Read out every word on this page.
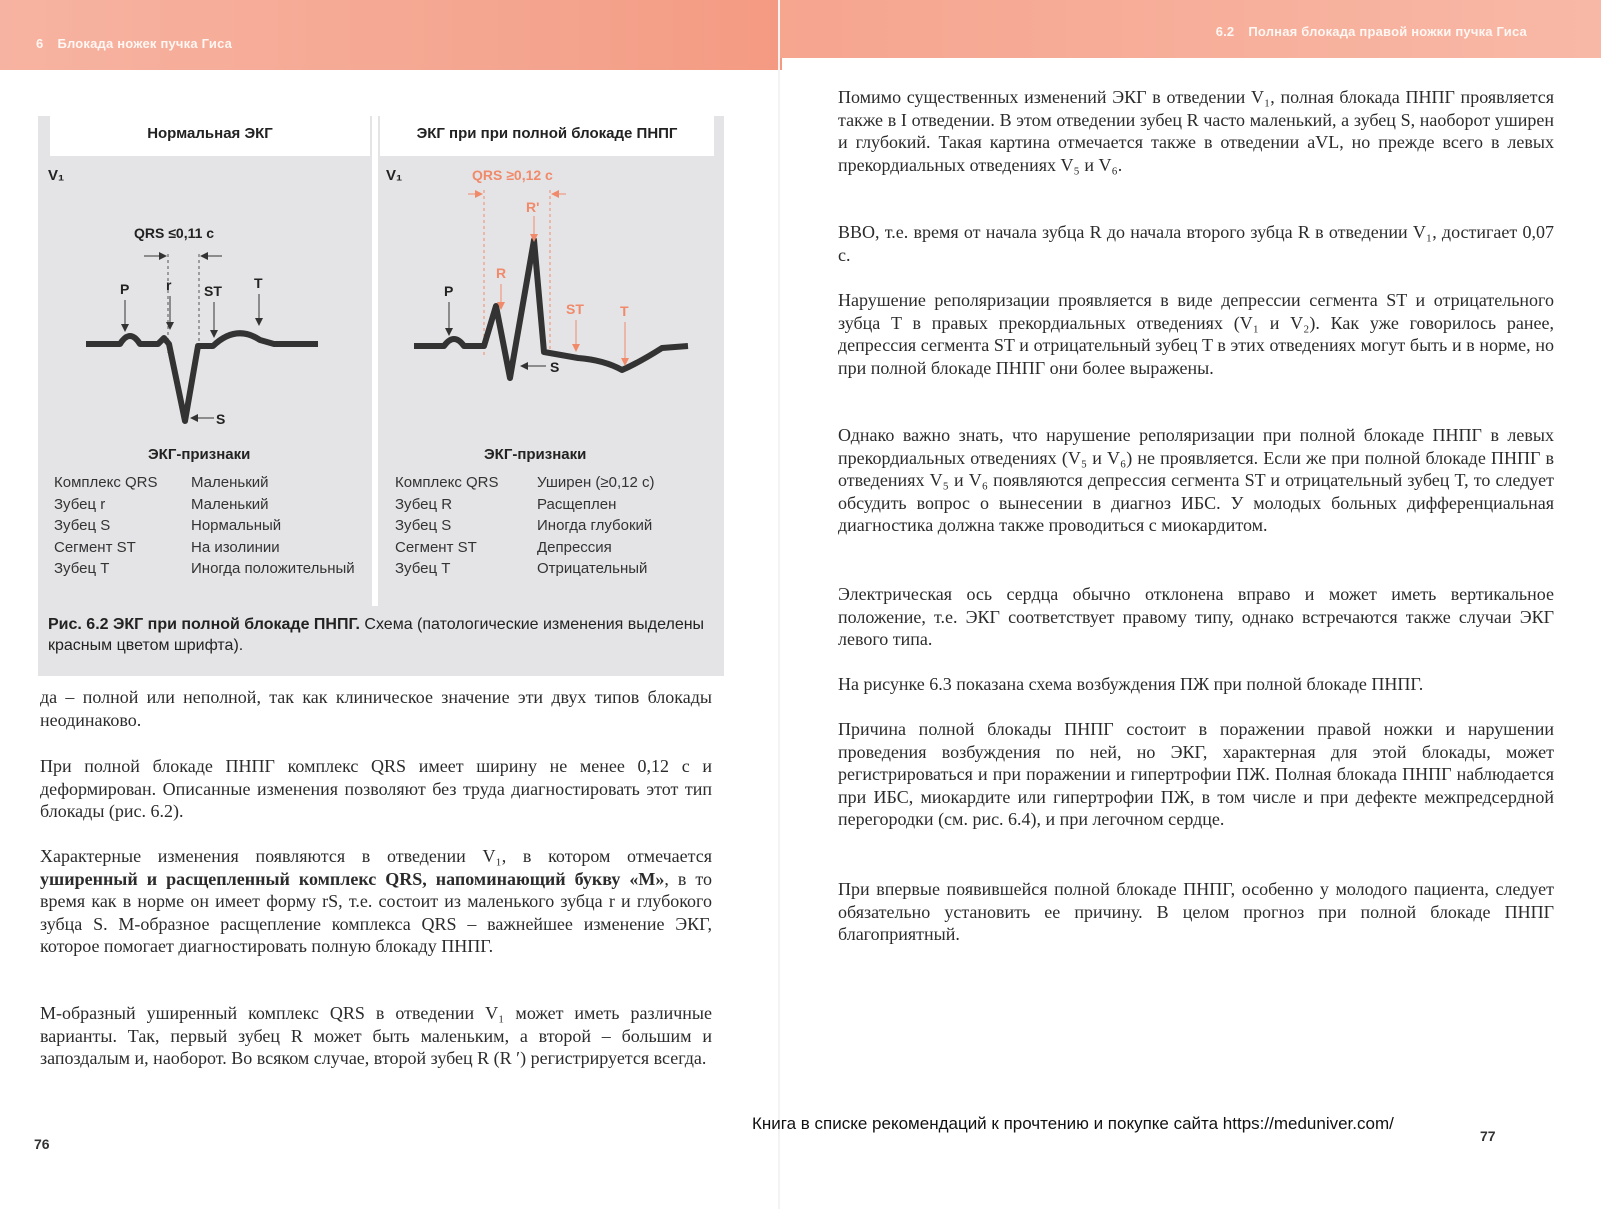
6 Блокада ножек пучка Гиса
Нормальная ЭКГ	ЭКГ при при полной блокаде ПНПГ
V₁
QRS ≤0,11 с
P	r ST T
S
V₁	QRS ≥0,12 с
P
R
R'
ST	T
S
ЭКГ-признаки	ЭКГ-признаки
Комплекс QRS Маленький
Зубец r	Маленький
Зубец S	Нормальный
Сегмент ST	На изолинии
Зубец T	Иногда положительный
Комплекс QRS	Уширен (≥0,12 с)
Зубец R	Расщеплен
Зубец S	Иногда глубокий
Сегмент ST	Депрессия
Зубец T	Отрицательный
Рис. 6.2 ЭКГ при полной блокаде ПНПГ. Схема (патологические изменения выделены красным цветом шрифта).

да – полной или неполной, так как клиническое значение эти двух типов блокады неодинаково.

При полной блокаде ПНПГ комплекс QRS имеет ширину не менее 0,12 с и деформирован. Описанные изменения позволяют без труда диагностировать этот тип блокады (рис. 6.2).

Характерные изменения появляются в отведении V₁, в котором отмечается уширенный и расщепленный комплекс QRS, напоминающий букву «М», в то время как в норме он имеет форму rS, т.е. состоит из маленького зубца r и глубокого зубца S. М-образное расщепление комплекса QRS – важнейшее изменение ЭКГ, которое помогает диагностировать полную блокаду ПНПГ.

М-образный уширенный комплекс QRS в отведении V₁ может иметь различные варианты. Так, первый зубец R может быть маленьким, а второй – большим и запоздалым и, наоборот. Во всяком случае, второй зубец R (R ′) регистрируется всегда.

76
6.2 Полная блокада правой ножки пучка Гиса

Помимо существенных изменений ЭКГ в отведении V₁, полная блокада ПНПГ проявляется также в I отведении. В этом отведении зубец R часто маленький, а зубец S, наоборот уширен и глубокий. Такая картина отмечается также в отведении aVL, но прежде всего в левых прекордиальных отведениях V₅ и V₆.

ВВО, т.е. время от начала зубца R до начала второго зубца R в отведении V₁, достигает 0,07 с.

Нарушение реполяризации проявляется в виде депрессии сегмента ST и отрицательного зубца T в правых прекордиальных отведениях (V₁ и V₂). Как уже говорилось ранее, депрессия сегмента ST и отрицательный зубец T в этих отведениях могут быть и в норме, но при полной блокаде ПНПГ они более выражены.

Однако важно знать, что нарушение реполяризации при полной блокаде ПНПГ в левых прекордиальных отведениях (V₅ и V₆) не проявляется. Если же при полной блокаде ПНПГ в отведениях V₅ и V₆ появляются депрессия сегмента ST и отрицательный зубец T, то следует обсудить вопрос о вынесении в диагноз ИБС. У молодых больных дифференциальная диагностика должна также проводиться с миокардитом.

Электрическая ось сердца обычно отклонена вправо и может иметь вертикальное положение, т.е. ЭКГ соответствует правому типу, однако встречаются также случаи ЭКГ левого типа.

На рисунке 6.3 показана схема возбуждения ПЖ при полной блокаде ПНПГ.

Причина полной блокады ПНПГ состоит в поражении правой ножки и нарушении проведения возбуждения по ней, но ЭКГ, характерная для этой блокады, может регистрироваться и при поражении и гипертрофии ПЖ. Полная блокада ПНПГ наблюдается при ИБС, миокардите или гипертрофии ПЖ, в том числе и при дефекте межпредсердной перегородки (см. рис. 6.4), и при легочном сердце.

При впервые появившейся полной блокаде ПНПГ, особенно у молодого пациента, следует обязательно установить ее причину. В целом прогноз при полной блокаде ПНПГ благоприятный.

77
Книга в списке рекомендаций к прочтению и покупке сайта https://meduniver.com/
